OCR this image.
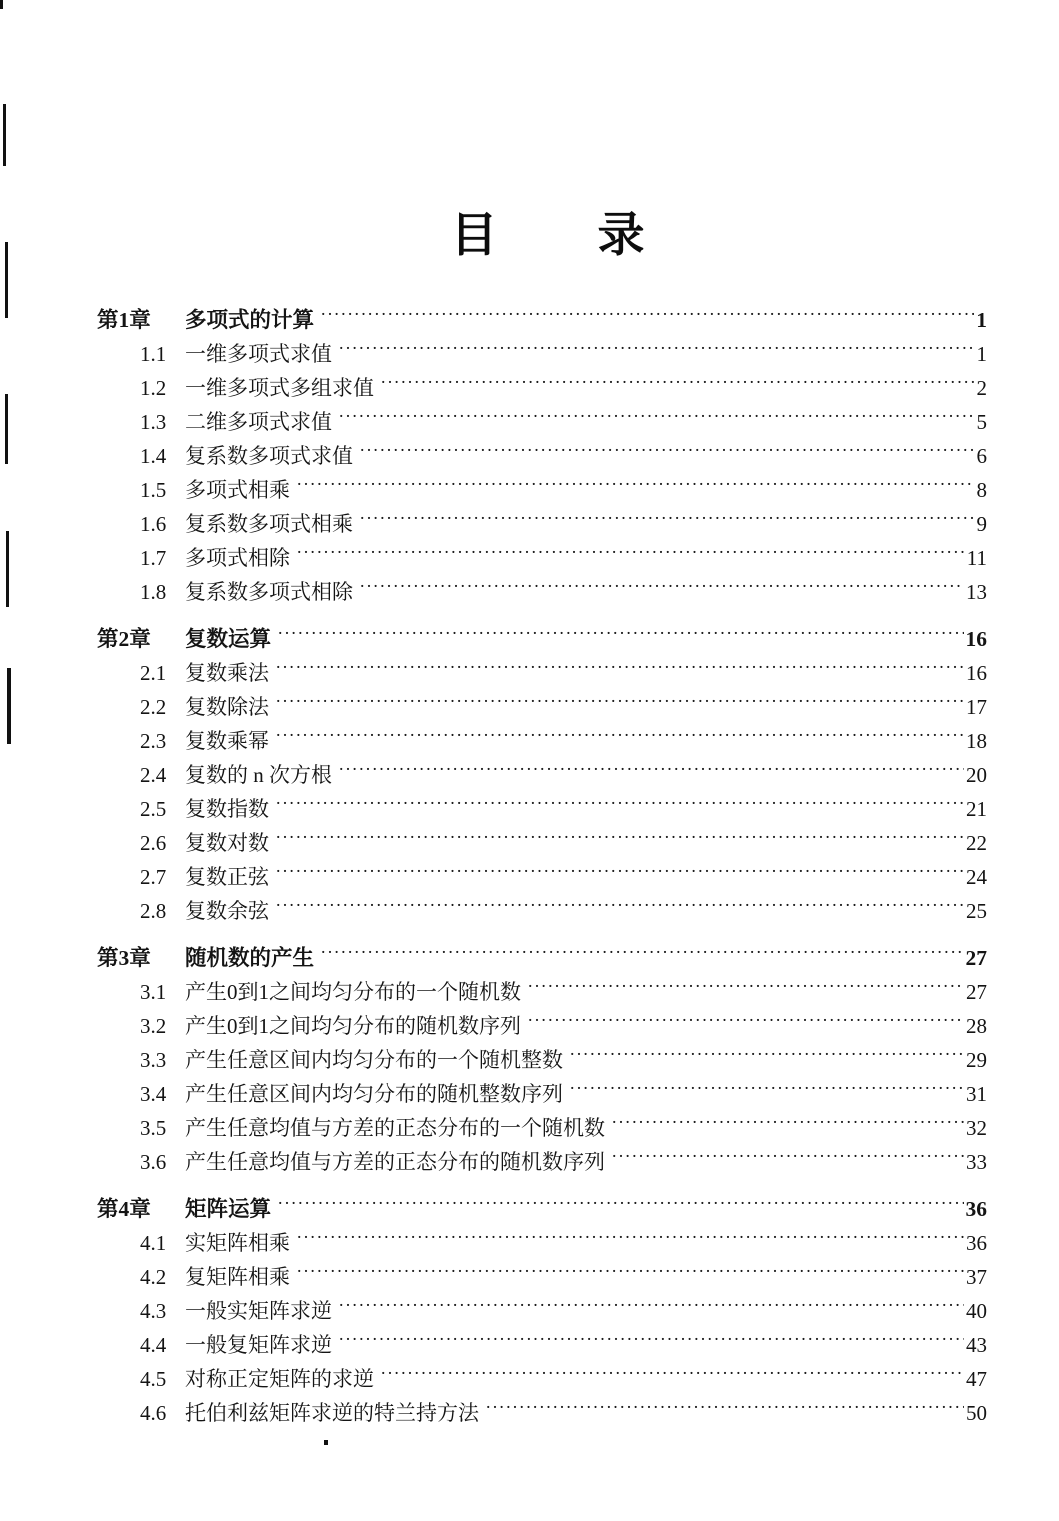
目　　录
第1章	多项式的计算 .....	1
1.1 一维多项式求值 .....	1
1.2 一维多项式多组求值 .....	2
1.3 二维多项式求值 .....	5
1.4 复系数多项式求值 .....	6
1.5 多项式相乘 .....	8
1.6 复系数多项式相乘 .....	9
1.7 多项式相除 .....	11
1.8 复系数多项式相除 .....	13
第2章	复数运算 .....	16
2.1 复数乘法 .....	16
2.2 复数除法 .....	17
2.3 复数乘幂 .....	18
2.4 复数的 n 次方根 .....	20
2.5 复数指数 .....	21
2.6 复数对数 .....	22
2.7 复数正弦 .....	24
2.8 复数余弦 .....	25
第3章	随机数的产生 .....	27
3.1 产生0到1之间均匀分布的一个随机数 .....	27
3.2 产生0到1之间均匀分布的随机数序列 .....	28
3.3 产生任意区间内均匀分布的一个随机整数 .....	29
3.4 产生任意区间内均匀分布的随机整数序列 .....	31
3.5 产生任意均值与方差的正态分布的一个随机数 .....	32
3.6 产生任意均值与方差的正态分布的随机数序列 .....	33
第4章	矩阵运算 .....	36
4.1 实矩阵相乘 .....	36
4.2 复矩阵相乘 .....	37
4.3 一般实矩阵求逆 .....	40
4.4 一般复矩阵求逆 .....	43
4.5 对称正定矩阵的求逆 .....	47
4.6 托伯利兹矩阵求逆的特兰持方法 .....	50
